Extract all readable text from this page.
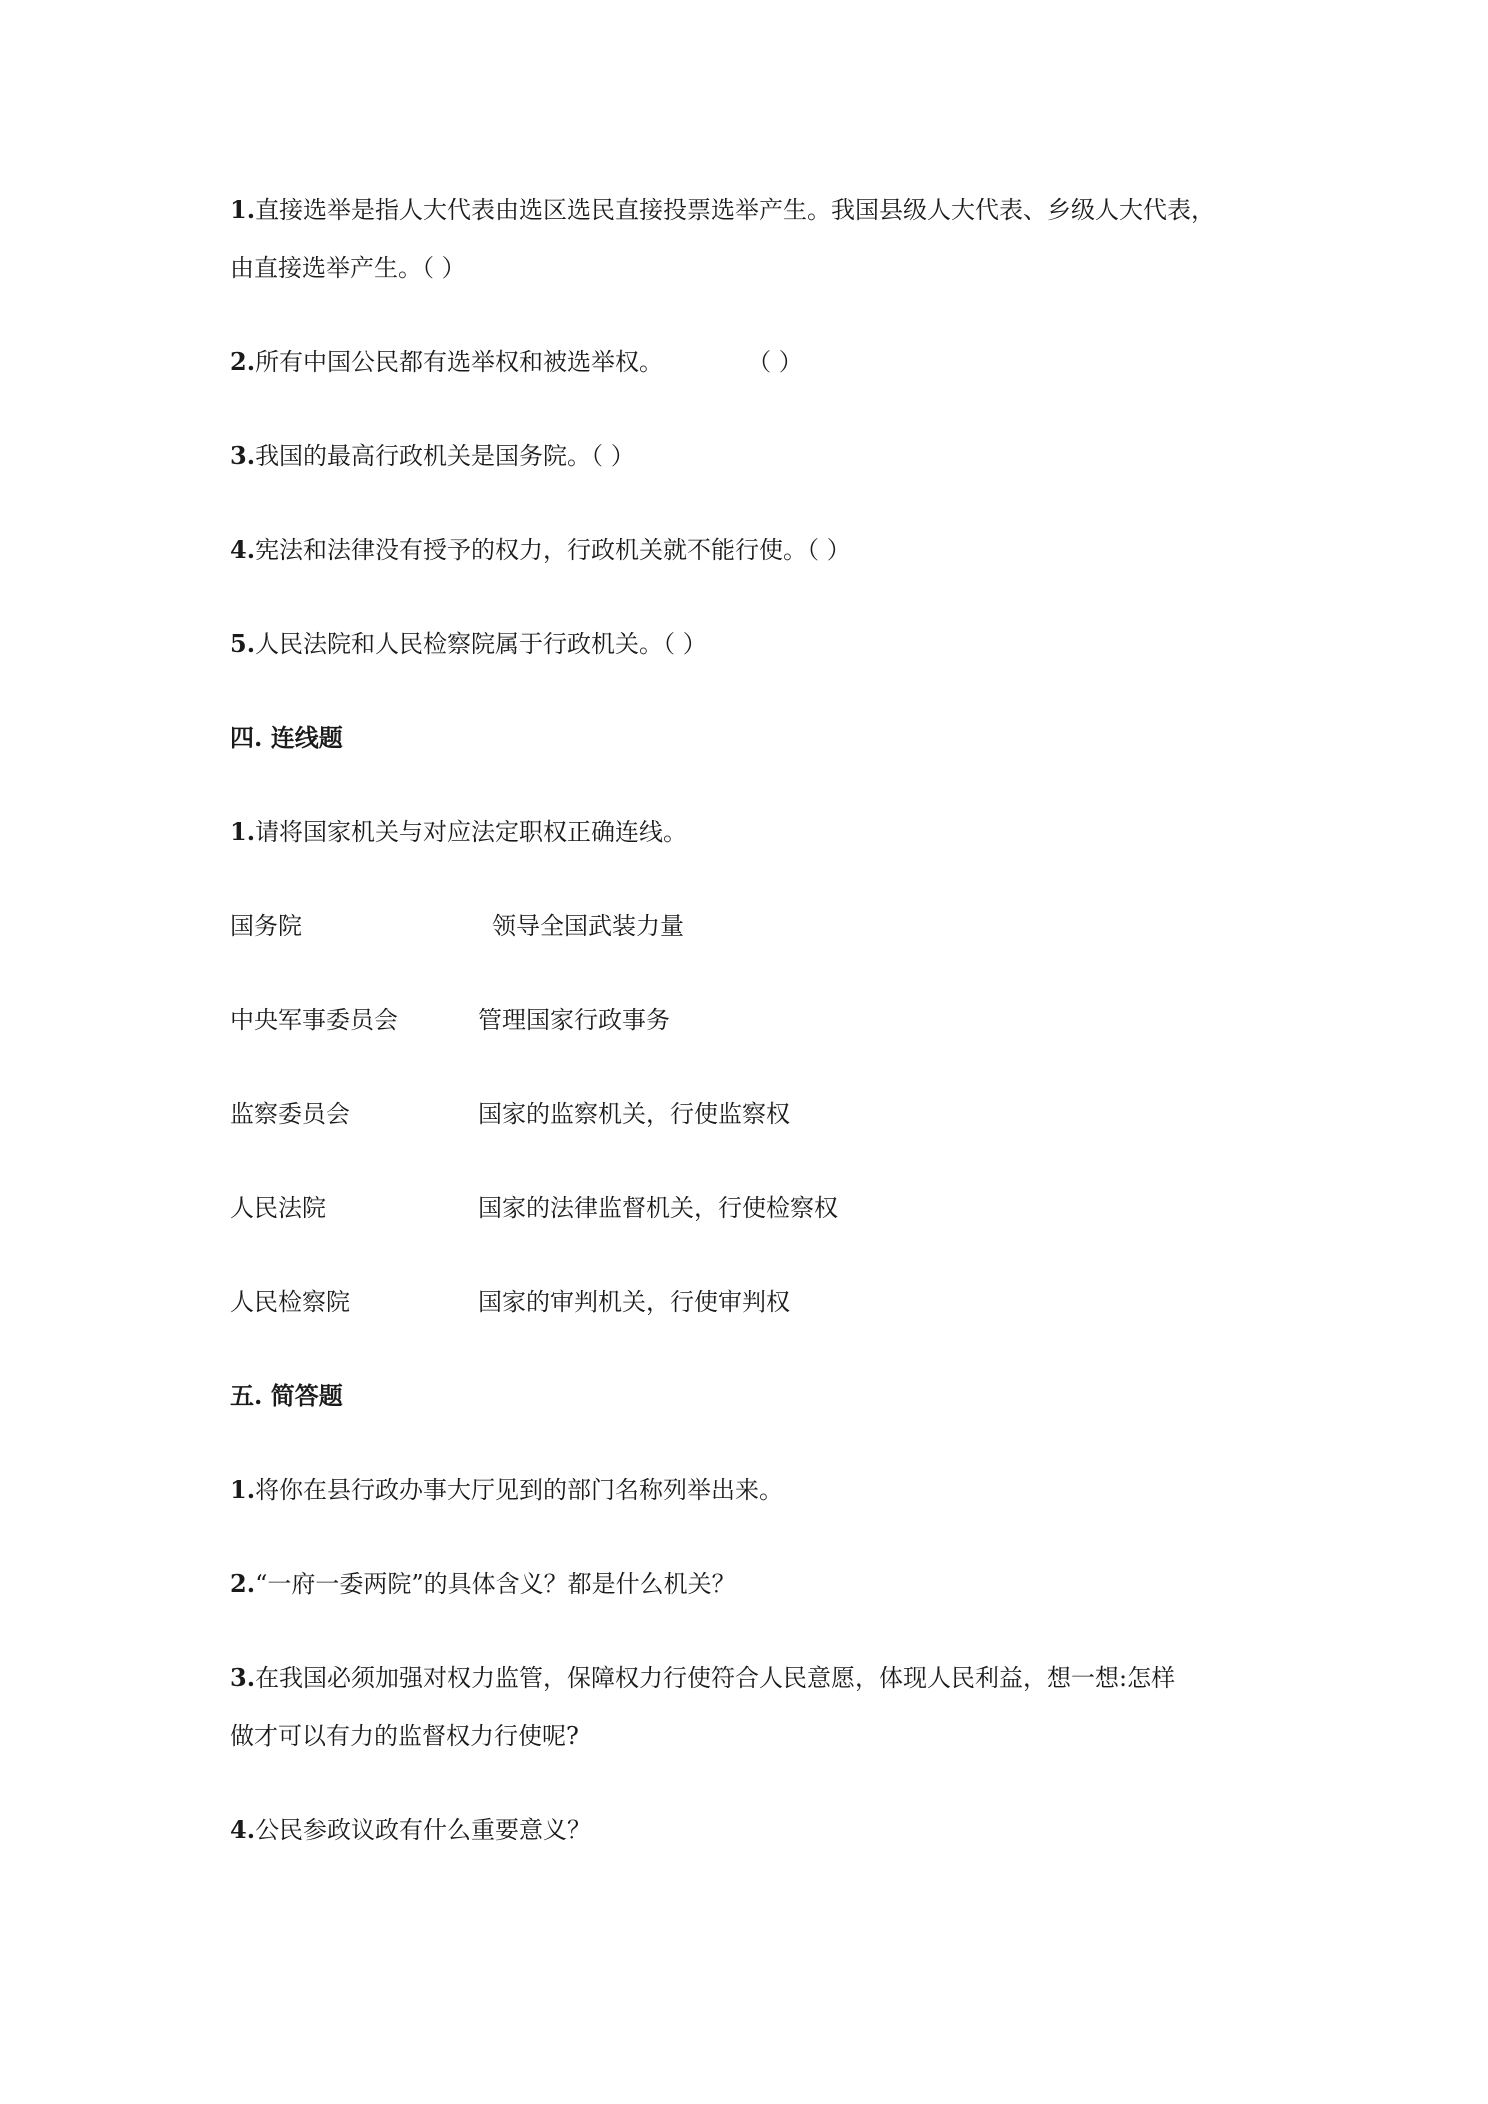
1.直接选举是指人大代表由选区选民直接投票选举产生。我国县级人大代表、乡级人大代表，
由直接选举产生。（ ）
2.所有中国公民都有选举权和被选举权。	（ ）
3.我国的最高行政机关是国务院。（ ）
4.宪法和法律没有授予的权力，行政机关就不能行使。（ ）
5.人民法院和人民检察院属于行政机关。（ ）
四. 连线题
1.请将国家机关与对应法定职权正确连线。
国务院	领导全国武装力量
中央军事委员会	管理国家行政事务
监察委员会	国家的监察机关，行使监察权
人民法院	国家的法律监督机关，行使检察权
人民检察院	国家的审判机关，行使审判权
五. 简答题
1.将你在县行政办事大厅见到的部门名称列举出来。
2.“一府一委两院”的具体含义？都是什么机关？
3.在我国必须加强对权力监管，保障权力行使符合人民意愿，体现人民利益，想一想:怎样
做才可以有力的监督权力行使呢?
4.公民参政议政有什么重要意义？
